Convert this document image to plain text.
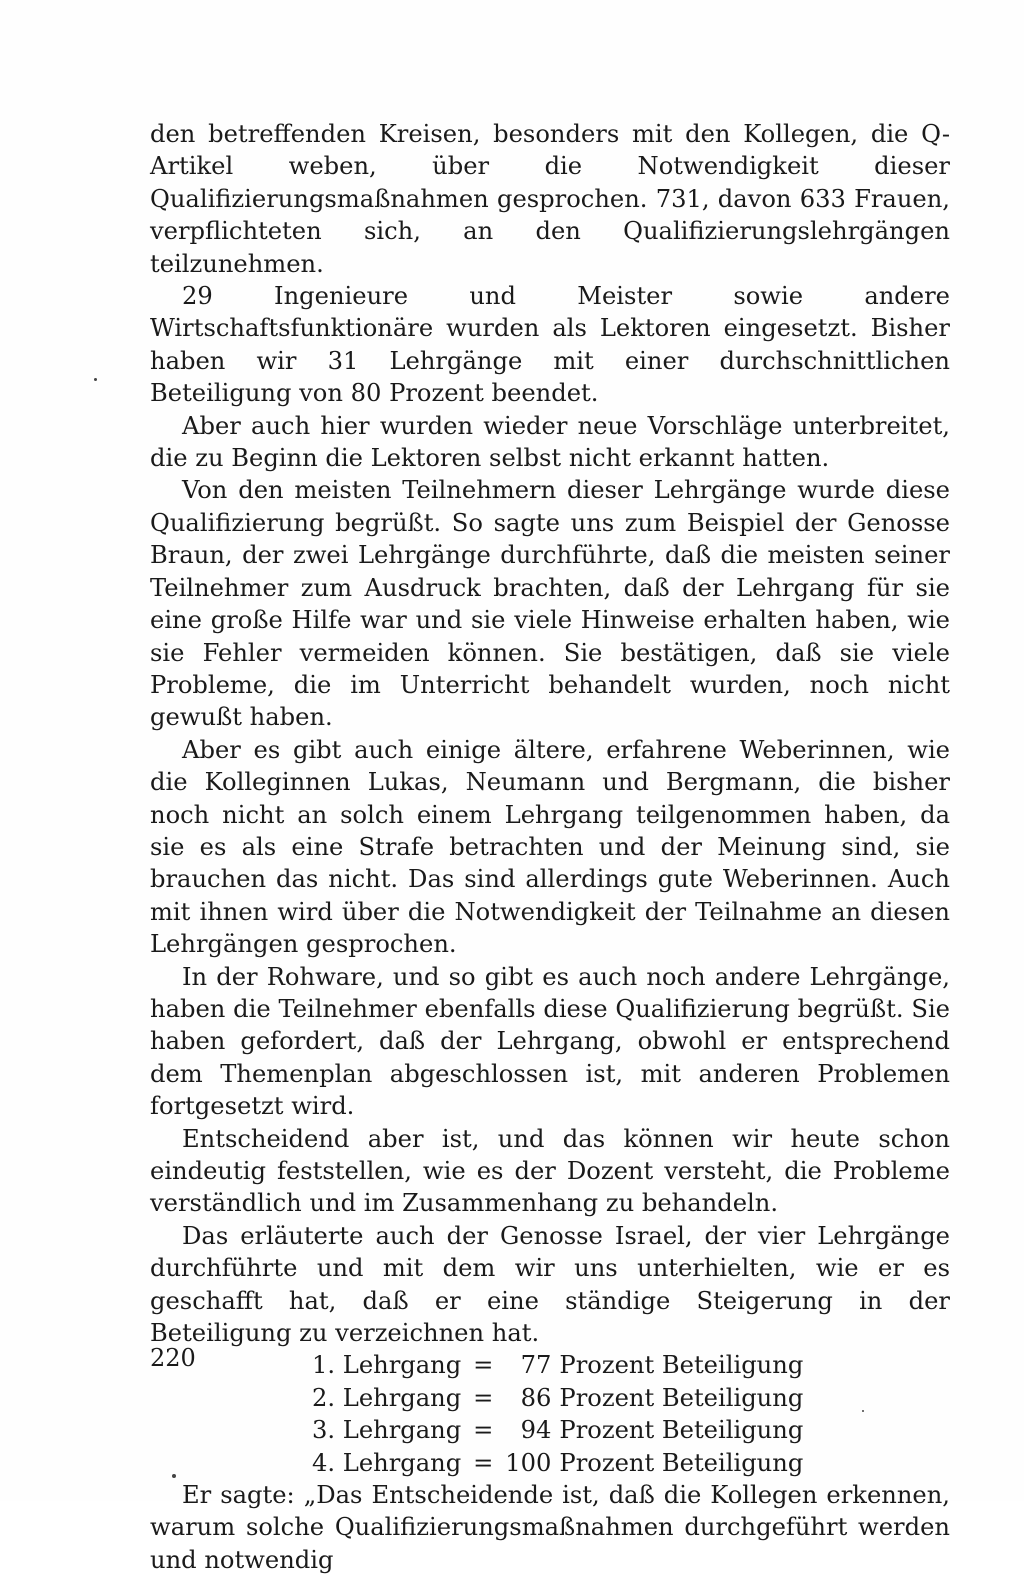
den betreffenden Kreisen, besonders mit den Kollegen, die Q-Artikel weben, über die Notwendigkeit dieser Qualifizierungsmaßnahmen gesprochen. 731, davon 633 Frauen, verpflichteten sich, an den Qualifizierungslehrgängen teilzunehmen.

29 Ingenieure und Meister sowie andere Wirtschaftsfunktionäre wurden als Lektoren eingesetzt. Bisher haben wir 31 Lehrgänge mit einer durchschnittlichen Beteiligung von 80 Prozent beendet.

Aber auch hier wurden wieder neue Vorschläge unterbreitet, die zu Beginn die Lektoren selbst nicht erkannt hatten.

Von den meisten Teilnehmern dieser Lehrgänge wurde diese Qualifizierung begrüßt. So sagte uns zum Beispiel der Genosse Braun, der zwei Lehrgänge durchführte, daß die meisten seiner Teilnehmer zum Ausdruck brachten, daß der Lehrgang für sie eine große Hilfe war und sie viele Hinweise erhalten haben, wie sie Fehler vermeiden können. Sie bestätigen, daß sie viele Probleme, die im Unterricht behandelt wurden, noch nicht gewußt haben.

Aber es gibt auch einige ältere, erfahrene Weberinnen, wie die Kolleginnen Lukas, Neumann und Bergmann, die bisher noch nicht an solch einem Lehrgang teilgenommen haben, da sie es als eine Strafe betrachten und der Meinung sind, sie brauchen das nicht. Das sind allerdings gute Weberinnen. Auch mit ihnen wird über die Notwendigkeit der Teilnahme an diesen Lehrgängen gesprochen.

In der Rohware, und so gibt es auch noch andere Lehrgänge, haben die Teilnehmer ebenfalls diese Qualifizierung begrüßt. Sie haben gefordert, daß der Lehrgang, obwohl er entsprechend dem Themenplan abgeschlossen ist, mit anderen Problemen fortgesetzt wird.

Entscheidend aber ist, und das können wir heute schon eindeutig feststellen, wie es der Dozent versteht, die Probleme verständlich und im Zusammenhang zu behandeln.

Das erläuterte auch der Genosse Israel, der vier Lehrgänge durchführte und mit dem wir uns unterhielten, wie er es geschafft hat, daß er eine ständige Steigerung in der Beteiligung zu verzeichnen hat.

1. Lehrgang	=	77	Prozent Beteiligung
2. Lehrgang	=	86	Prozent Beteiligung
3. Lehrgang	=	94	Prozent Beteiligung
4. Lehrgang	=	100	Prozent Beteiligung

Er sagte: „Das Entscheidende ist, daß die Kollegen erkennen, warum solche Qualifizierungsmaßnahmen durchgeführt werden und notwendig

220
